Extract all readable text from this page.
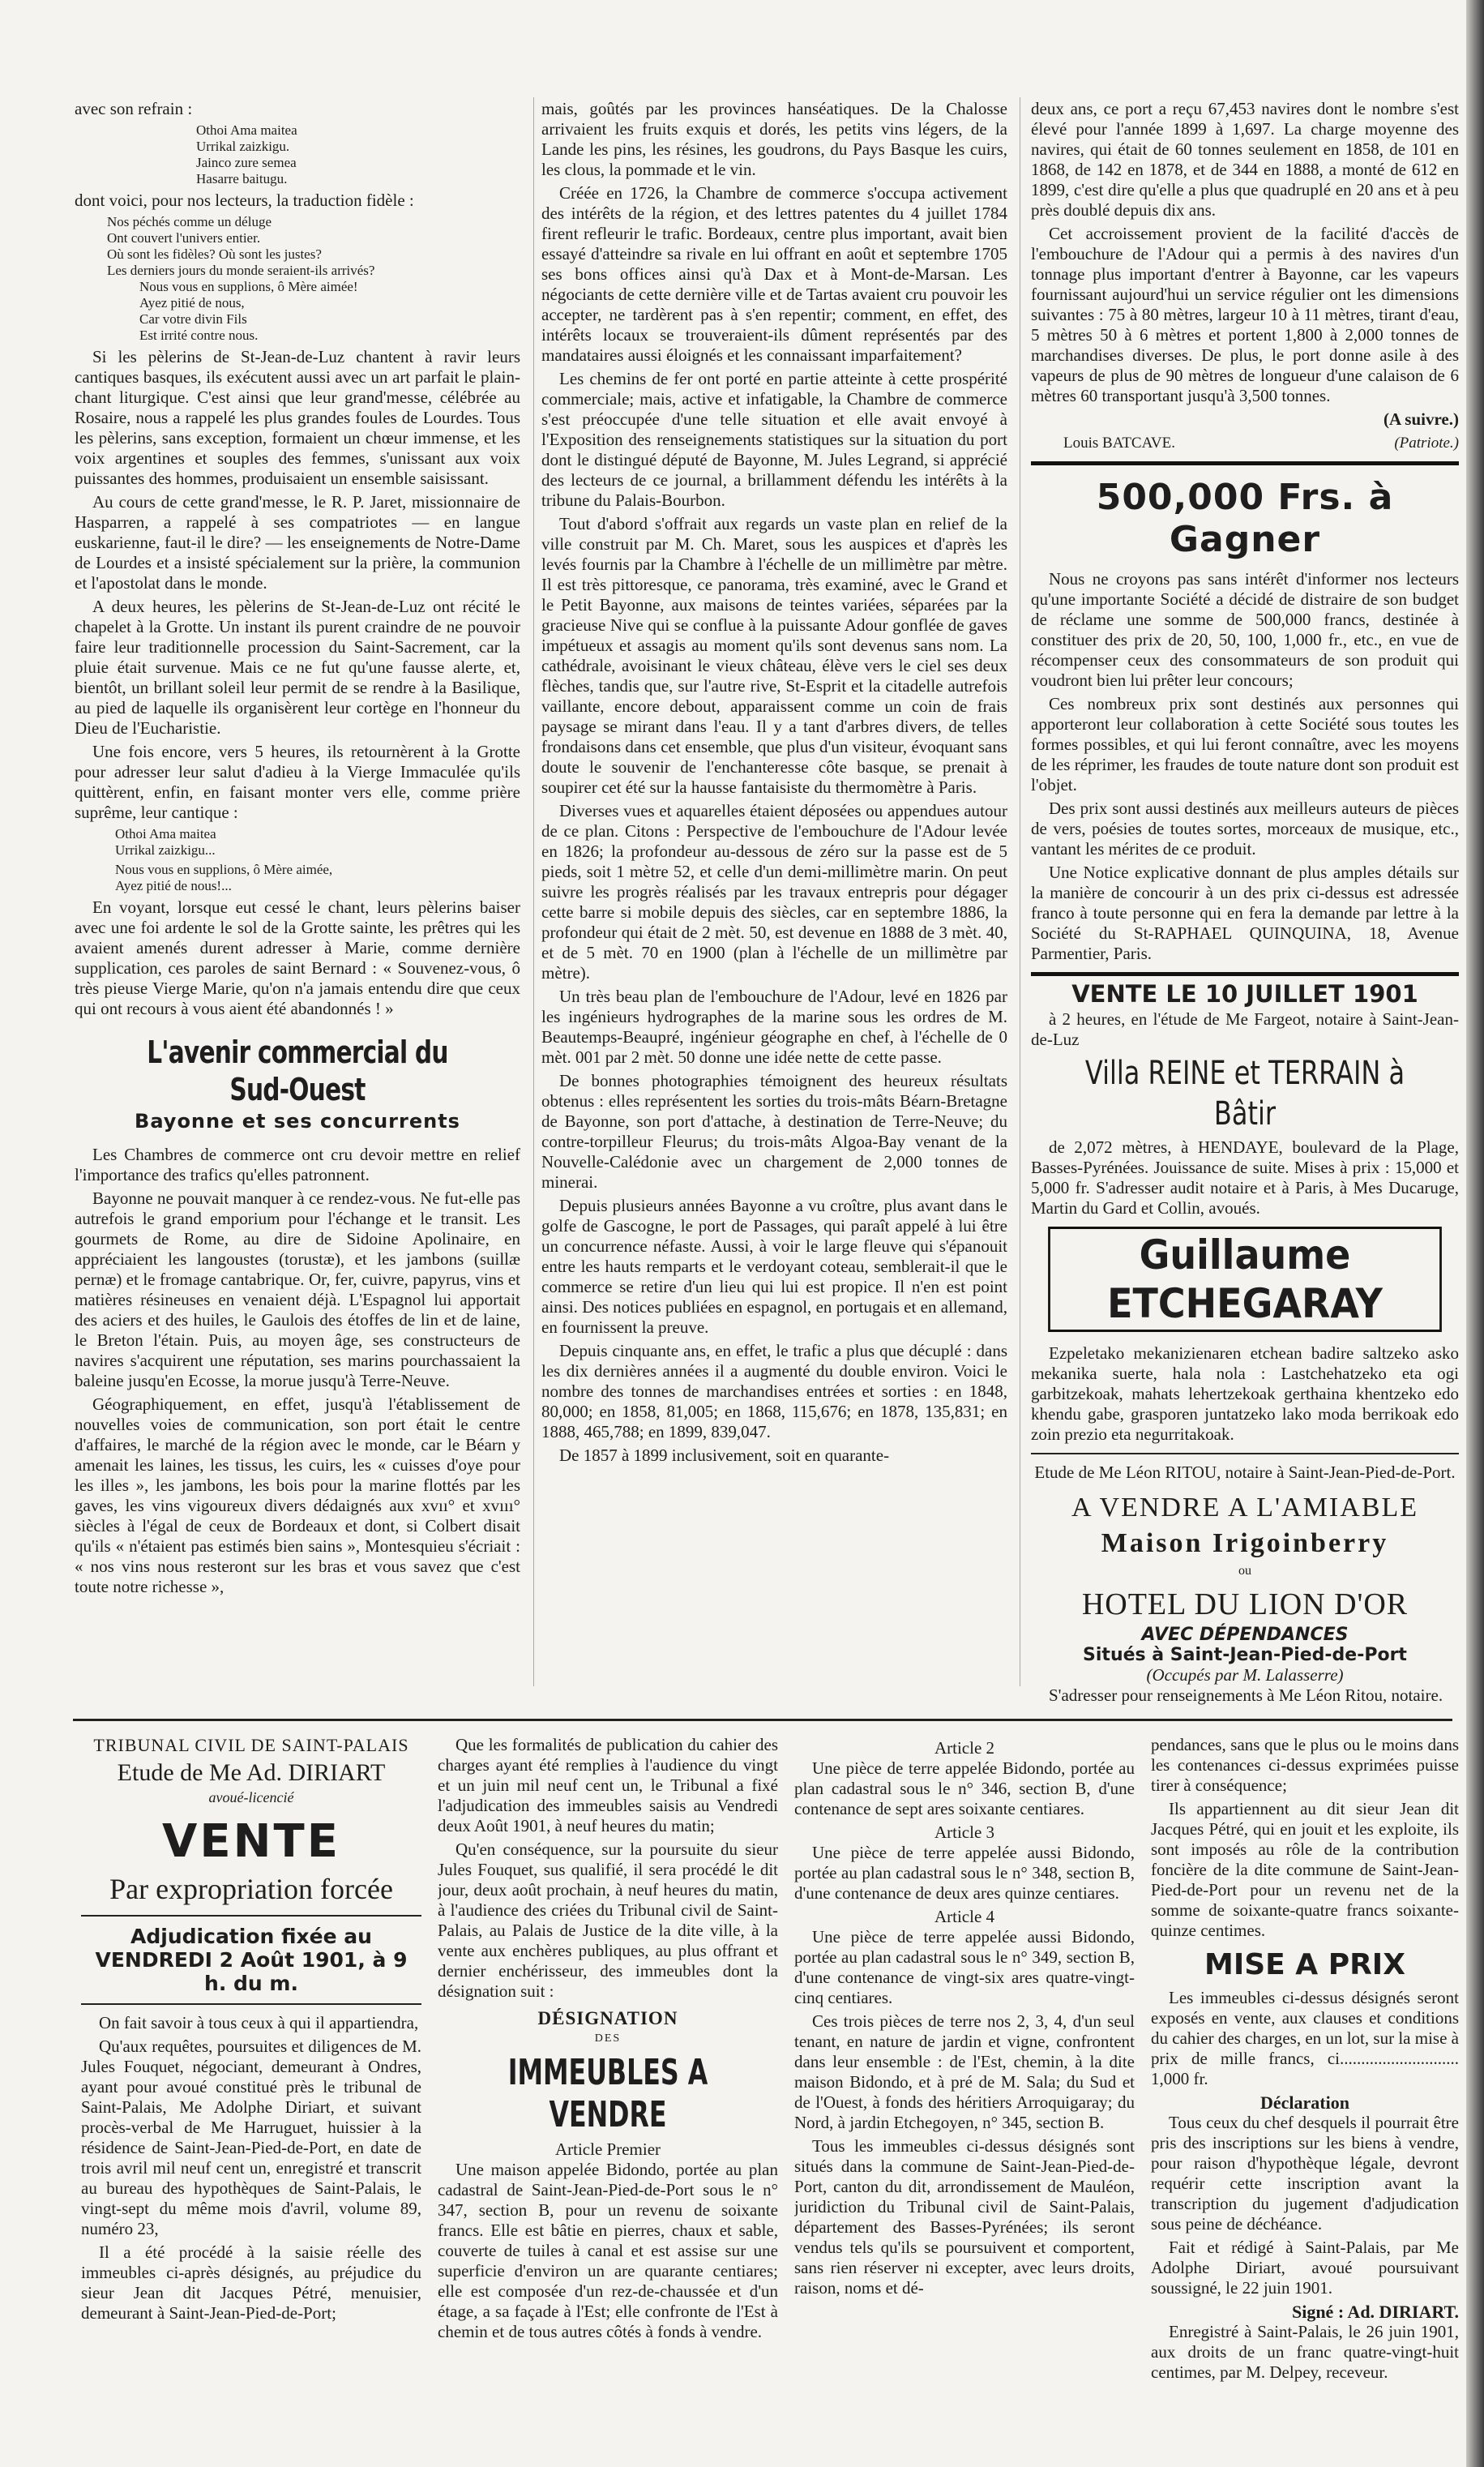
avec son refrain :

Othoi Ama maitea
Urrikal zaizkigu.
Jainco zure semea
Hasarre baitugu.

dont voici, pour nos lecteurs, la traduction fidèle :

Nos péchés comme un déluge
Ont couvert l'univers entier.
Où sont les fidèles? Où sont les justes?
Les derniers jours du monde seraient-ils arrivés?
Nous vous en supplions, ô Mère aimée!
Ayez pitié de nous,
Car votre divin Fils
Est irrité contre nous.

Si les pèlerins de St-Jean-de-Luz chantent à ravir leurs cantiques basques, ils exécutent aussi avec un art parfait le plain-chant liturgique. C'est ainsi que leur grand'messe, célébrée au Rosaire, nous a rappelé les plus grandes foules de Lourdes. Tous les pèlerins, sans exception, formaient un chœur immense, et les voix argentines et souples des femmes, s'unissant aux voix puissantes des hommes, produisaient un ensemble saisissant.

Au cours de cette grand'messe, le R. P. Jaret, missionnaire de Hasparren, a rappelé à ses compatriotes — en langue euskarienne, faut-il le dire? — les enseignements de Notre-Dame de Lourdes et a insisté spécialement sur la prière, la communion et l'apostolat dans le monde.

A deux heures, les pèlerins de St-Jean-de-Luz ont récité le chapelet à la Grotte. Un instant ils purent craindre de ne pouvoir faire leur traditionnelle procession du Saint-Sacrement, car la pluie était survenue. Mais ce ne fut qu'une fausse alerte, et, bientôt, un brillant soleil leur permit de se rendre à la Basilique, au pied de laquelle ils organisèrent leur cortège en l'honneur du Dieu de l'Eucharistie.

Une fois encore, vers 5 heures, ils retournèrent à la Grotte pour adresser leur salut d'adieu à la Vierge Immaculée qu'ils quittèrent, enfin, en faisant monter vers elle, comme prière suprême, leur cantique :

Othoi Ama maitea
Urrikal zaizkigu...
Nous vous en supplions, ô Mère aimée,
Ayez pitié de nous!...

En voyant, lorsque eut cessé le chant, leurs pèlerins baiser avec une foi ardente le sol de la Grotte sainte, les prêtres qui les avaient amenés durent adresser à Marie, comme dernière supplication, ces paroles de saint Bernard : « Souvenez-vous, ô très pieuse Vierge Marie, qu'on n'a jamais entendu dire que ceux qui ont recours à vous aient été abandonnés ! »

L'avenir commercial du Sud-Ouest
Bayonne et ses concurrents

Les Chambres de commerce ont cru devoir mettre en relief l'importance des trafics qu'elles patronnent.

Bayonne ne pouvait manquer à ce rendez-vous. Ne fut-elle pas autrefois le grand emporium pour l'échange et le transit. Les gourmets de Rome, au dire de Sidoine Apolinaire, en appréciaient les langoustes (torustæ), et les jambons (suillæ pernæ) et le fromage cantabrique. Or, fer, cuivre, papyrus, vins et matières résineuses en venaient déjà. L'Espagnol lui apportait des aciers et des huiles, le Gaulois des étoffes de lin et de laine, le Breton l'étain. Puis, au moyen âge, ses constructeurs de navires s'acquirent une réputation, ses marins pourchassaient la baleine jusqu'en Ecosse, la morue jusqu'à Terre-Neuve.

Géographiquement, en effet, jusqu'à l'établissement de nouvelles voies de communication, son port était le centre d'affaires, le marché de la région avec le monde, car le Béarn y amenait les laines, les tissus, les cuirs, les « cuisses d'oye pour les illes », les jambons, les bois pour la marine flottés par les gaves, les vins vigoureux divers dédaignés aux xvıı° et xvııı° siècles à l'égal de ceux de Bordeaux et dont, si Colbert disait qu'ils « n'étaient pas estimés bien sains », Montesquieu s'écriait : « nos vins nous resteront sur les bras et vous savez que c'est toute notre richesse »,

mais, goûtés par les provinces hanséatiques. De la Chalosse arrivaient les fruits exquis et dorés, les petits vins légers, de la Lande les pins, les résines, les goudrons, du Pays Basque les cuirs, les clous, la pommade et le vin.

Créée en 1726, la Chambre de commerce s'occupa activement des intérêts de la région, et des lettres patentes du 4 juillet 1784 firent refleurir le trafic. Bordeaux, centre plus important, avait bien essayé d'atteindre sa rivale en lui offrant en août et septembre 1705 ses bons offices ainsi qu'à Dax et à Mont-de-Marsan. Les négociants de cette dernière ville et de Tartas avaient cru pouvoir les accepter, ne tardèrent pas à s'en repentir; comment, en effet, des intérêts locaux se trouveraient-ils dûment représentés par des mandataires aussi éloignés et les connaissant imparfaitement?

Les chemins de fer ont porté en partie atteinte à cette prospérité commerciale; mais, active et infatigable, la Chambre de commerce s'est préoccupée d'une telle situation et elle avait envoyé à l'Exposition des renseignements statistiques sur la situation du port dont le distingué député de Bayonne, M. Jules Legrand, si apprécié des lecteurs de ce journal, a brillamment défendu les intérêts à la tribune du Palais-Bourbon.

Tout d'abord s'offrait aux regards un vaste plan en relief de la ville construit par M. Ch. Maret, sous les auspices et d'après les levés fournis par la Chambre à l'échelle de un millimètre par mètre. Il est très pittoresque, ce panorama, très examiné, avec le Grand et le Petit Bayonne, aux maisons de teintes variées, séparées par la gracieuse Nive qui se confluе à la puissante Adour gonflée de gaves impétueux et assagis au moment qu'ils sont devenus sans nom. La cathédrale, avoisinant le vieux château, élève vers le ciel ses deux flèches, tandis que, sur l'autre rive, St-Esprit et la citadelle autrefois vaillante, encore debout, apparaissent comme un coin de frais paysage se mirant dans l'eau. Il y a tant d'arbres divers, de telles frondaisons dans cet ensemble, que plus d'un visiteur, évoquant sans doute le souvenir de l'enchanteresse côte basque, se prenait à soupirer cet été sur la hausse fantaisiste du thermomètre à Paris.

Diverses vues et aquarelles étaient déposées ou appendues autour de ce plan. Citons : Perspective de l'embouchure de l'Adour levée en 1826; la profondeur au-dessous de zéro sur la passe est de 5 pieds, soit 1 mètre 52, et celle d'un demi-millimètre marin. On peut suivre les progrès réalisés par les travaux entrepris pour dégager cette barre si mobile depuis des siècles, car en septembre 1886, la profondeur qui était de 2 mèt. 50, est devenue en 1888 de 3 mèt. 40, et de 5 mèt. 70 en 1900 (plan à l'échelle de un millimètre par mètre).

Un très beau plan de l'embouchure de l'Adour, levé en 1826 par les ingénieurs hydrographes de la marine sous les ordres de M. Beautemps-Beaupré, ingénieur géographe en chef, à l'échelle de 0 mèt. 001 par 2 mèt. 50 donne une idée nette de cette passe.

De bonnes photographies témoignent des heureux résultats obtenus : elles représentent les sorties du trois-mâts Béarn-Bretagne de Bayonne, son port d'attache, à destination de Terre-Neuve; du contre-torpilleur Fleurus; du trois-mâts Algoa-Bay venant de la Nouvelle-Calédonie avec un chargement de 2,000 tonnes de minerai.

Depuis plusieurs années Bayonne a vu croître, plus avant dans le golfe de Gascogne, le port de Passages, qui paraît appelé à lui être un concurrence néfaste. Aussi, à voir le large fleuve qui s'épanouit entre les hauts remparts et le verdoyant coteau, semblerait-il que le commerce se retire d'un lieu qui lui est propice. Il n'en est point ainsi. Des notices publiées en espagnol, en portugais et en allemand, en fournissent la preuve.

Depuis cinquante ans, en effet, le trafic a plus que décuplé : dans les dix dernières années il a augmenté du double environ. Voici le nombre des tonnes de marchandises entrées et sorties : en 1848, 80,000; en 1858, 81,005; en 1868, 115,676; en 1878, 135,831; en 1888, 465,788; en 1899, 839,047.

De 1857 à 1899 inclusivement, soit en quarante-

deux ans, ce port a reçu 67,453 navires dont le nombre s'est élevé pour l'année 1899 à 1,697. La charge moyenne des navires, qui était de 60 tonnes seulement en 1858, de 101 en 1868, de 142 en 1878, et de 344 en 1888, a monté de 612 en 1899, c'est dire qu'elle a plus que quadruplé en 20 ans et à peu près doublé depuis dix ans.

Cet accroissement provient de la facilité d'accès de l'embouchure de l'Adour qui a permis à des navires d'un tonnage plus important d'entrer à Bayonne, car les vapeurs fournissant aujourd'hui un service régulier ont les dimensions suivantes : 75 à 80 mètres, largeur 10 à 11 mètres, tirant d'eau, 5 mètres 50 à 6 mètres et portent 1,800 à 2,000 tonnes de marchandises diverses. De plus, le port donne asile à des vapeurs de plus de 90 mètres de longueur d'une calaison de 6 mètres 60 transportant jusqu'à 3,500 tonnes.

(A suivre.)

Louis BATCAVE.	(Patriote.)
500,000 Frs. à Gagner

Nous ne croyons pas sans intérêt d'informer nos lecteurs qu'une importante Société a décidé de distraire de son budget de réclame une somme de 500,000 francs, destinée à constituer des prix de 20, 50, 100, 1,000 fr., etc., en vue de récompenser ceux des consommateurs de son produit qui voudront bien lui prêter leur concours;

Ces nombreux prix sont destinés aux personnes qui apporteront leur collaboration à cette Société sous toutes les formes possibles, et qui lui feront connaître, avec les moyens de les réprimer, les fraudes de toute nature dont son produit est l'objet.

Des prix sont aussi destinés aux meilleurs auteurs de pièces de vers, poésies de toutes sortes, morceaux de musique, etc., vantant les mérites de ce produit.

Une Notice explicative donnant de plus amples détails sur la manière de concourir à un des prix ci-dessus est adressée franco à toute personne qui en fera la demande par lettre à la Société du St-RAPHAEL QUINQUINA, 18, Avenue Parmentier, Paris.

VENTE LE 10 JUILLET 1901

à 2 heures, en l'étude de Me Fargeot, notaire à Saint-Jean-de-Luz

Villa REINE et TERRAIN à Bâtir

de 2,072 mètres, à HENDAYE, boulevard de la Plage, Basses-Pyrénées. Jouissance de suite. Mises à prix : 15,000 et 5,000 fr. S'adresser audit notaire et à Paris, à Mes Ducaruge, Martin du Gard et Collin, avoués.

Guillaume ETCHEGARAY

Ezpeletako mekanizienaren etchean badire saltzeko asko mekanika suerte, hala nola : Lastchehatzeko eta ogi garbitzekoak, mahats lehertzekoak gerthaina khentzeko edo khendu gabe, grasporen juntatzeko lako moda berrikoak edo zoin prezio eta negurritakoak.

Etude de Me Léon RITOU, notaire à Saint-Jean-Pied-de-Port.

A VENDRE A L'AMIABLE
Maison Irigoinberry
ou
HOTEL DU LION D'OR
AVEC DÉPENDANCES
Situés à Saint-Jean-Pied-de-Port
(Occupés par M. Lalasserre)

S'adresser pour renseignements à Me Léon Ritou, notaire.

TRIBUNAL CIVIL DE SAINT-PALAIS
Etude de Me Ad. DIRIART
avoué-licencié
VENTE
Par expropriation forcée
Adjudication fixée au VENDREDI 2 Août 1901, à 9 h. du m.

On fait savoir à tous ceux à qui il appartiendra,

Qu'aux requêtes, poursuites et diligences de M. Jules Fouquet, négociant, demeurant à Ondres, ayant pour avoué constitué près le tribunal de Saint-Palais, Me Adolphe Diriart, et suivant procès-verbal de Me Harruguet, huissier à la résidence de Saint-Jean-Pied-de-Port, en date de trois avril mil neuf cent un, enregistré et transcrit au bureau des hypothèques de Saint-Palais, le vingt-sept du même mois d'avril, volume 89, numéro 23,

Il a été procédé à la saisie réelle des immeubles ci-après désignés, au préjudice du sieur Jean dit Jacques Pétré, menuisier, demeurant à Saint-Jean-Pied-de-Port;

Que les formalités de publication du cahier des charges ayant été remplies à l'audience du vingt et un juin mil neuf cent un, le Tribunal a fixé l'adjudication des immeubles saisis au Vendredi deux Août 1901, à neuf heures du matin;

Qu'en conséquence, sur la poursuite du sieur Jules Fouquet, sus qualifié, il sera procédé le dit jour, deux août prochain, à neuf heures du matin, à l'audience des criées du Tribunal civil de Saint-Palais, au Palais de Justice de la dite ville, à la vente aux enchères publiques, au plus offrant et dernier enchérisseur, des immeubles dont la désignation suit :

DÉSIGNATION
DES
IMMEUBLES A VENDRE
Article Premier

Une maison appelée Bidondo, portée au plan cadastral de Saint-Jean-Pied-de-Port sous le n° 347, section B, pour un revenu de soixante francs. Elle est bâtie en pierres, chaux et sable, couverte de tuiles à canal et est assise sur une superficie d'environ un are quarante centiares; elle est composée d'un rez-de-chaussée et d'un étage, a sa façade à l'Est; elle confronte de l'Est à chemin et de tous autres côtés à fonds à vendre.

Article 2

Une pièce de terre appelée Bidondo, portée au plan cadastral sous le n° 346, section B, d'une contenance de sept ares soixante centiares.

Article 3

Une pièce de terre appelée aussi Bidondo, portée au plan cadastral sous le n° 348, section B, d'une contenance de deux ares quinze centiares.

Article 4

Une pièce de terre appelée aussi Bidondo, portée au plan cadastral sous le n° 349, section B, d'une contenance de vingt-six ares quatre-vingt-cinq centiares.

Ces trois pièces de terre nos 2, 3, 4, d'un seul tenant, en nature de jardin et vigne, confrontent dans leur ensemble : de l'Est, chemin, à la dite maison Bidondo, et à pré de M. Sala; du Sud et de l'Ouest, à fonds des héritiers Arroquigaray; du Nord, à jardin Etchegoyen, n° 345, section B.

Tous les immeubles ci-dessus désignés sont situés dans la commune de Saint-Jean-Pied-de-Port, canton du dit, arrondissement de Mauléon, juridiction du Tribunal civil de Saint-Palais, département des Basses-Pyrénées; ils seront vendus tels qu'ils se poursuivent et comportent, sans rien réserver ni excepter, avec leurs droits, raison, noms et dé-

pendances, sans que le plus ou le moins dans les contenances ci-dessus exprimées puisse tirer à conséquence;

Ils appartiennent au dit sieur Jean dit Jacques Pétré, qui en jouit et les exploite, ils sont imposés au rôle de la contribution foncière de la dite commune de Saint-Jean-Pied-de-Port pour un revenu net de la somme de soixante-quatre francs soixante-quinze centimes.

MISE A PRIX

Les immeubles ci-dessus désignés seront exposés en vente, aux clauses et conditions du cahier des charges, en un lot, sur la mise à prix de mille francs, ci............................ 1,000 fr.

Déclaration

Tous ceux du chef desquels il pourrait être pris des inscriptions sur les biens à vendre, pour raison d'hypothèque légale, devront requérir cette inscription avant la transcription du jugement d'adjudication sous peine de déchéance.

Fait et rédigé à Saint-Palais, par Me Adolphe Diriart, avoué poursuivant soussigné, le 22 juin 1901.

Signé : Ad. DIRIART.

Enregistré à Saint-Palais, le 26 juin 1901, aux droits de un franc quatre-vingt-huit centimes, par M. Delpey, receveur.
